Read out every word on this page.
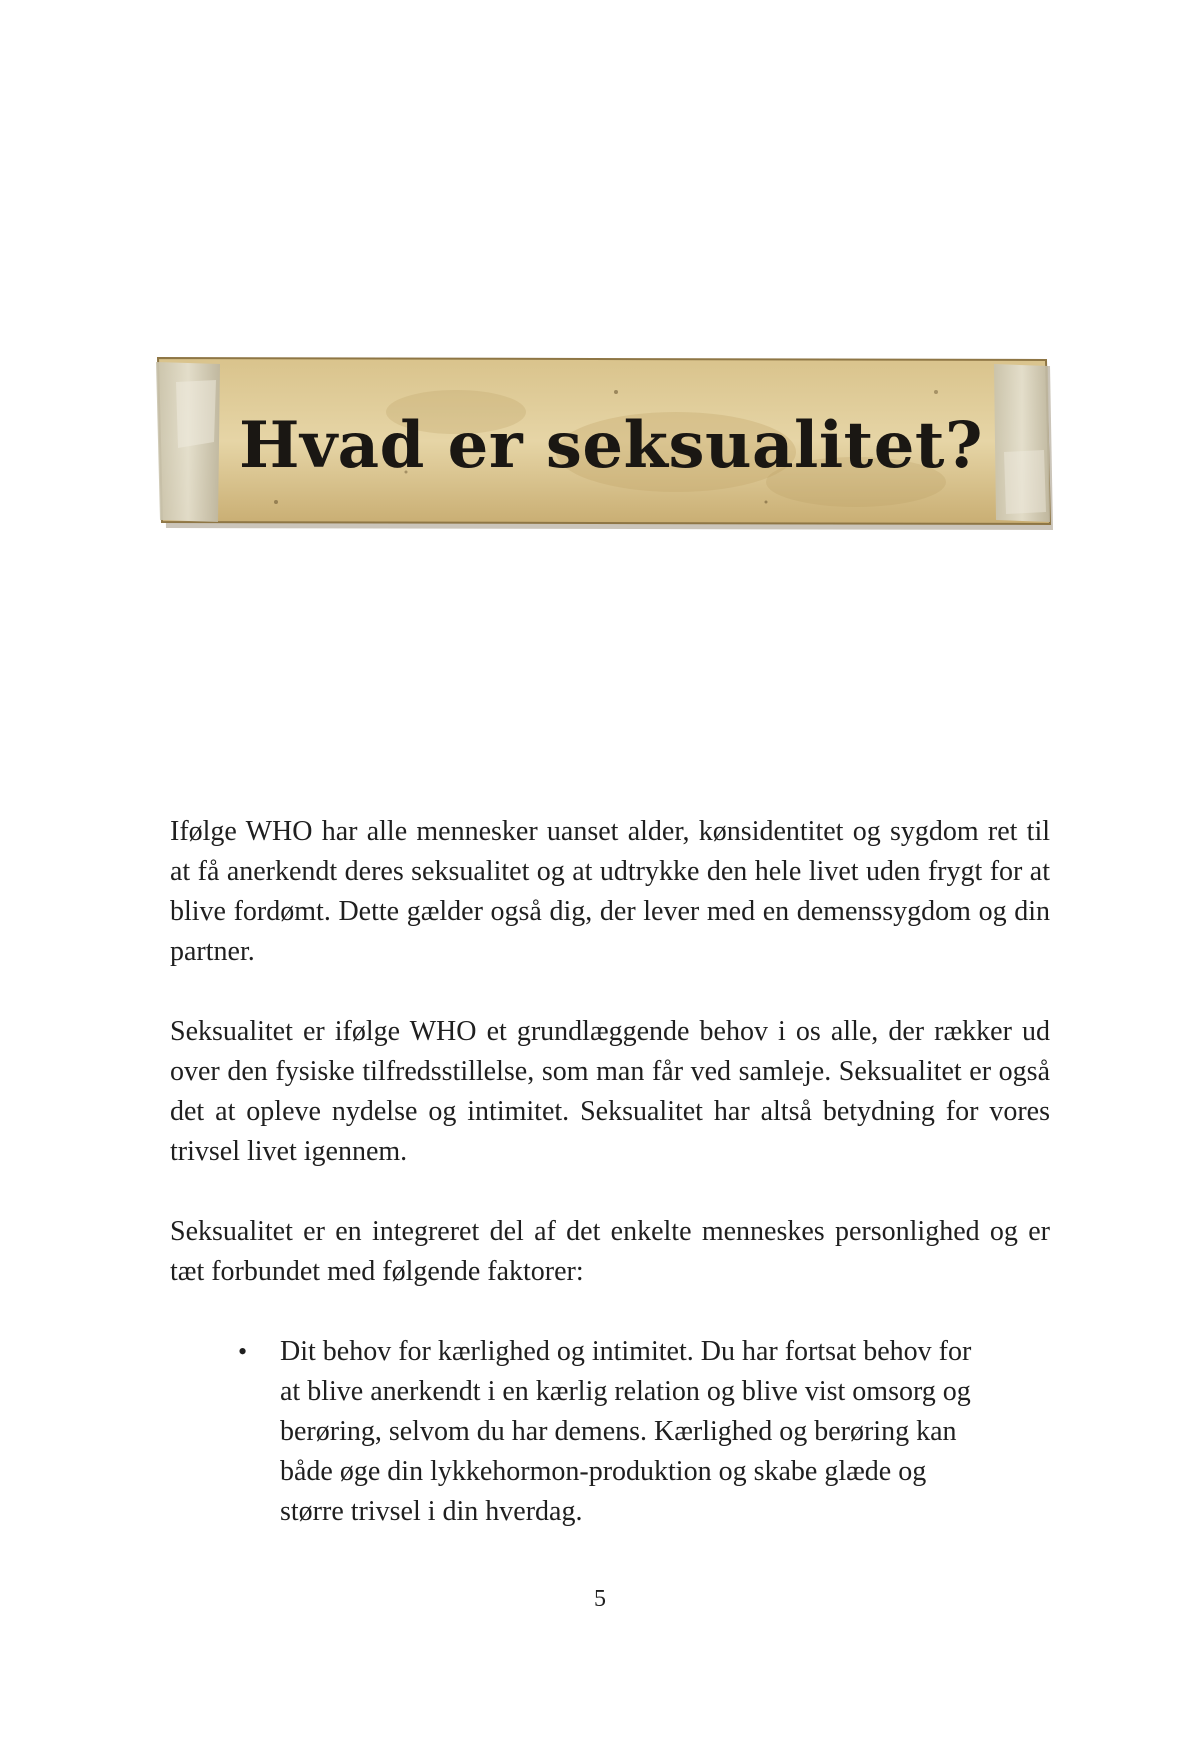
Hvad er seksualitet?

Ifølge WHO har alle mennesker uanset alder, kønsidentitet og sygdom ret til at få anerkendt deres seksualitet og at udtrykke den hele livet uden frygt for at blive fordømt. Dette gælder også dig, der lever med en demenssygdom og din partner.

Seksualitet er ifølge WHO et grundlæggende behov i os alle, der rækker ud over den fysiske tilfredsstillelse, som man får ved samleje. Seksualitet er også det at opleve nydelse og intimitet. Seksualitet har altså betydning for vores trivsel livet igennem.

Seksualitet er en integreret del af det enkelte menneskes personlighed og er tæt forbundet med følgende faktorer:

• Dit behov for kærlighed og intimitet. Du har fortsat behov for at blive anerkendt i en kærlig relation og blive vist omsorg og berøring, selvom du har demens. Kærlighed og berøring kan både øge din lykkehormon-produktion og skabe glæde og større trivsel i din hverdag.
5
